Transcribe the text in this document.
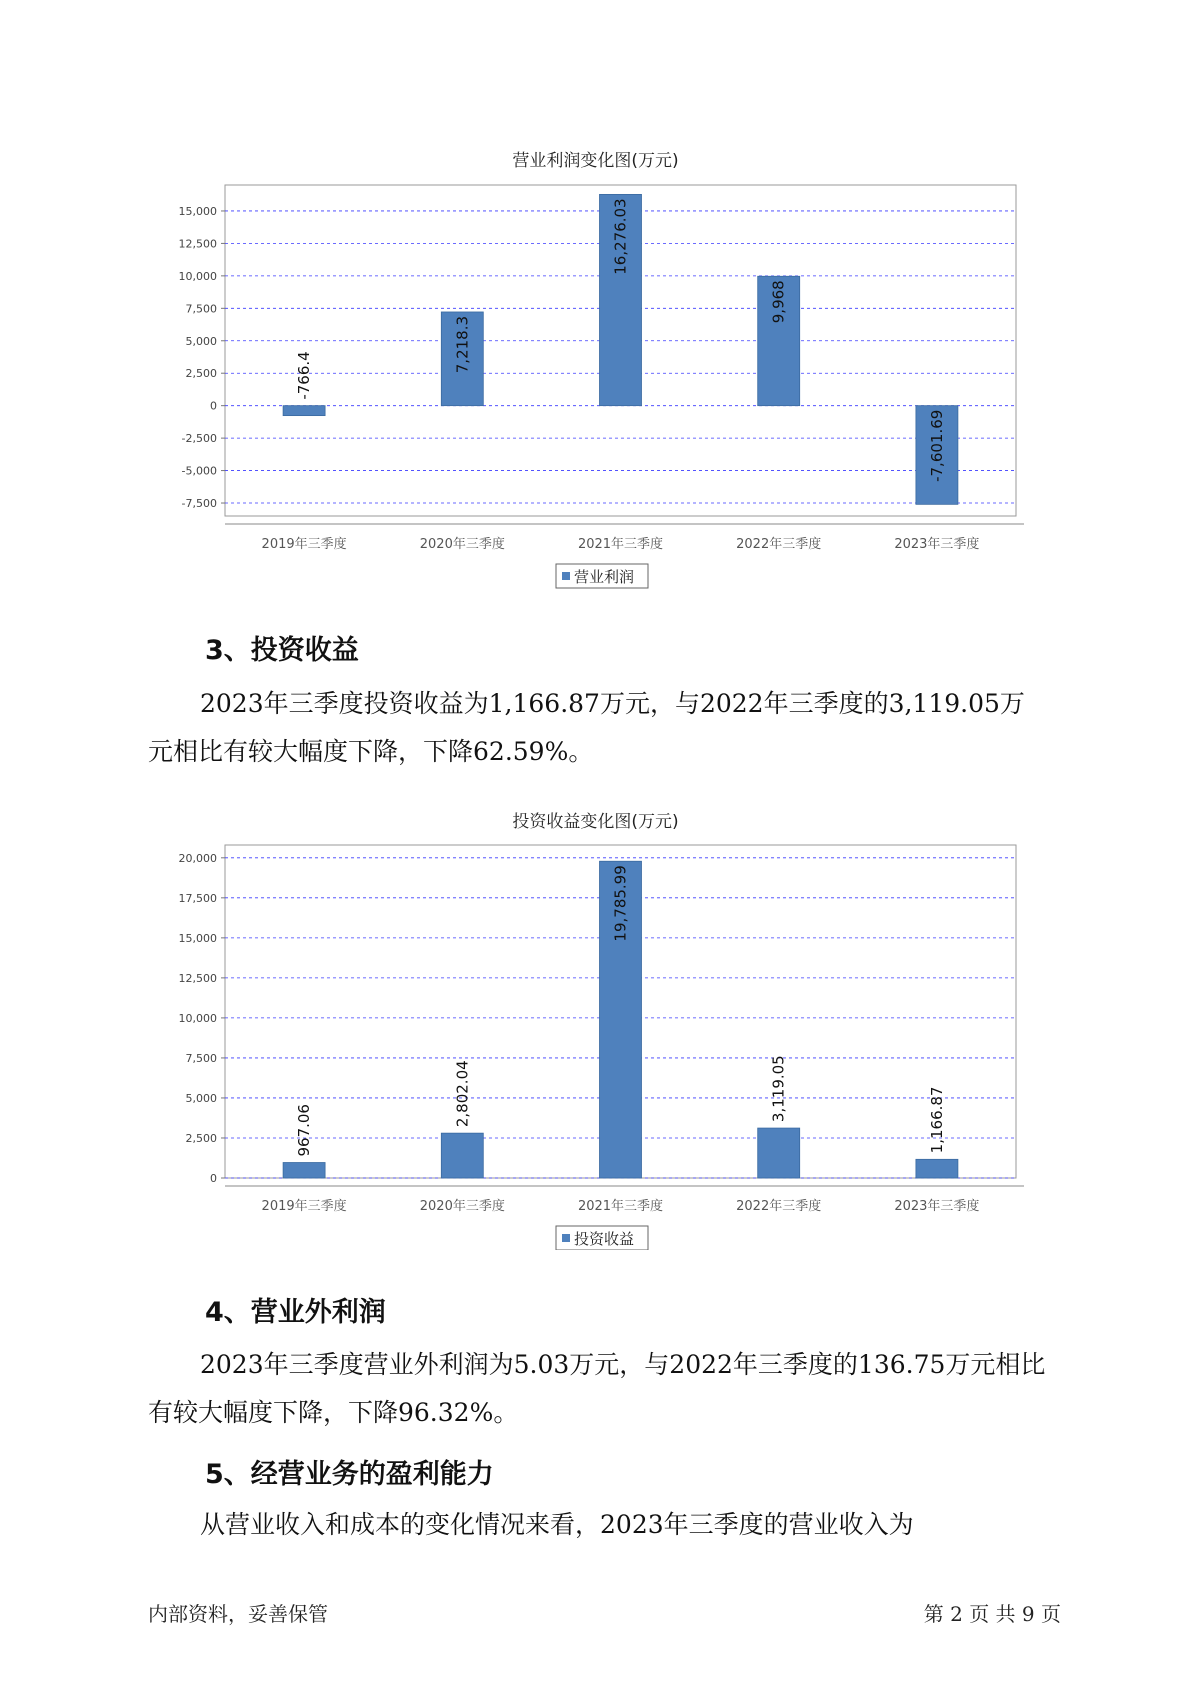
营业利润变化图(万元)
15,000
12,500
10,000
7,500
5,000
2,500
0
-2,500
-5,000
-7,500
2019年三季度
-766.4
2020年三季度
7,218.3
2021年三季度
16,276.03
2022年三季度
9,968
2023年三季度
-7,601.69
营业利润
3、投资收益

2023年三季度投资收益为1,166.87万元，与2022年三季度的3,119.05万元相比有较大幅度下降，下降62.59%。

投资收益变化图(万元)
20,000
17,500
15,000
12,500
10,000
7,500
5,000
2,500
0
2019年三季度
967.06
2020年三季度
2,802.04
2021年三季度
19,785.99
2022年三季度
3,119.05
2023年三季度
1,166.87
投资收益
4、营业外利润

2023年三季度营业外利润为5.03万元，与2022年三季度的136.75万元相比有较大幅度下降，下降96.32%。

5、经营业务的盈利能力

从营业收入和成本的变化情况来看，2023年三季度的营业收入为

内部资料，妥善保管	第 2 页 共 9 页
